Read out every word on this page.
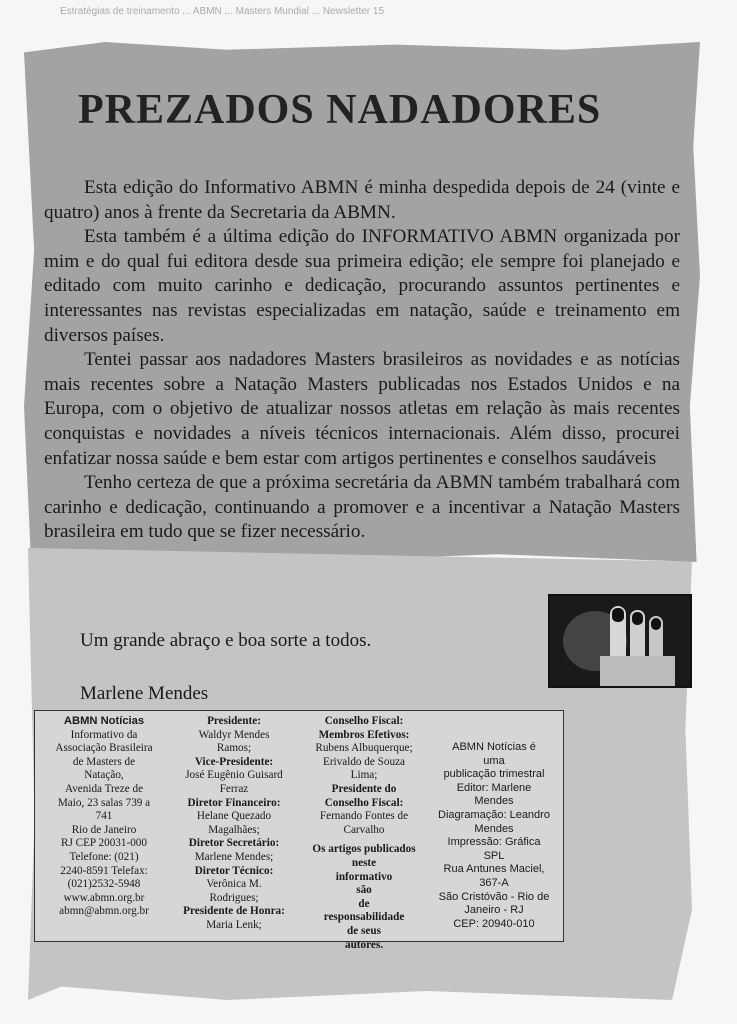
Estratégias de treinamento ... ABMN ... Masters Mundial ... Newsletter 15
PREZADOS NADADORES

Esta edição do Informativo ABMN é minha despedida depois de 24 (vinte e quatro) anos à frente da Secretaria da ABMN.

Esta também é a última edição do INFORMATIVO ABMN organizada por mim e do qual fui editora desde sua primeira edição; ele sempre foi planejado e editado com muito carinho e dedicação, procurando assuntos pertinentes e interessantes nas revistas especializadas em natação, saúde e treinamento em diversos países.

Tentei passar aos nadadores Masters brasileiros as novidades e as notícias mais recentes sobre a Natação Masters publicadas nos Estados Unidos e na Europa, com o objetivo de atualizar nossos atletas em relação às mais recentes conquistas e novidades a níveis técnicos internacionais. Além disso, procurei enfatizar nossa saúde e bem estar com artigos pertinentes e conselhos saudáveis

Tenho certeza de que a próxima secretária da ABMN também trabalhará com carinho e dedicação, continuando a promover e a incentivar a Natação Masters brasileira em tudo que se fizer necessário.

Um grande abraço e boa sorte a todos.

Marlene Mendes

ABMN Notícias
Informativo da
Associação Brasileira
de Masters de
Natação,
Avenida Treze de
Maio, 23 salas 739 a
741
Rio de Janeiro
RJ CEP 20031-000
Telefone: (021)
2240-8591 Telefax:
(021)2532-5948
www.abmn.org.br
abmn@abmn.org.br
Presidente:
Waldyr Mendes
Ramos;
Vice-Presidente:
José Eugênio Guisard
Ferraz
Diretor Financeiro:
Helane Quezado
Magalhães;
Diretor Secretário:
Marlene Mendes;
Diretor Técnico:
Verônica M.
Rodrigues;
Presidente de Honra:
Maria Lenk;
Conselho Fiscal:
Membros Efetivos:
Rubens Albuquerque;
Erivaldo de Souza
Lima;
Presidente do
Conselho Fiscal:
Fernando Fontes de
Carvalho
Os artigos publicados
neste
informativo
são
de
responsabilidade
de seus
autores.
ABMN Notícias é
uma
publicação trimestral
Editor: Marlene
Mendes
Diagramação: Leandro
Mendes
Impressão: Gráfica
SPL
Rua Antunes Maciel,
367-A
São Cristóvão - Rio de
Janeiro - RJ
CEP: 20940-010
